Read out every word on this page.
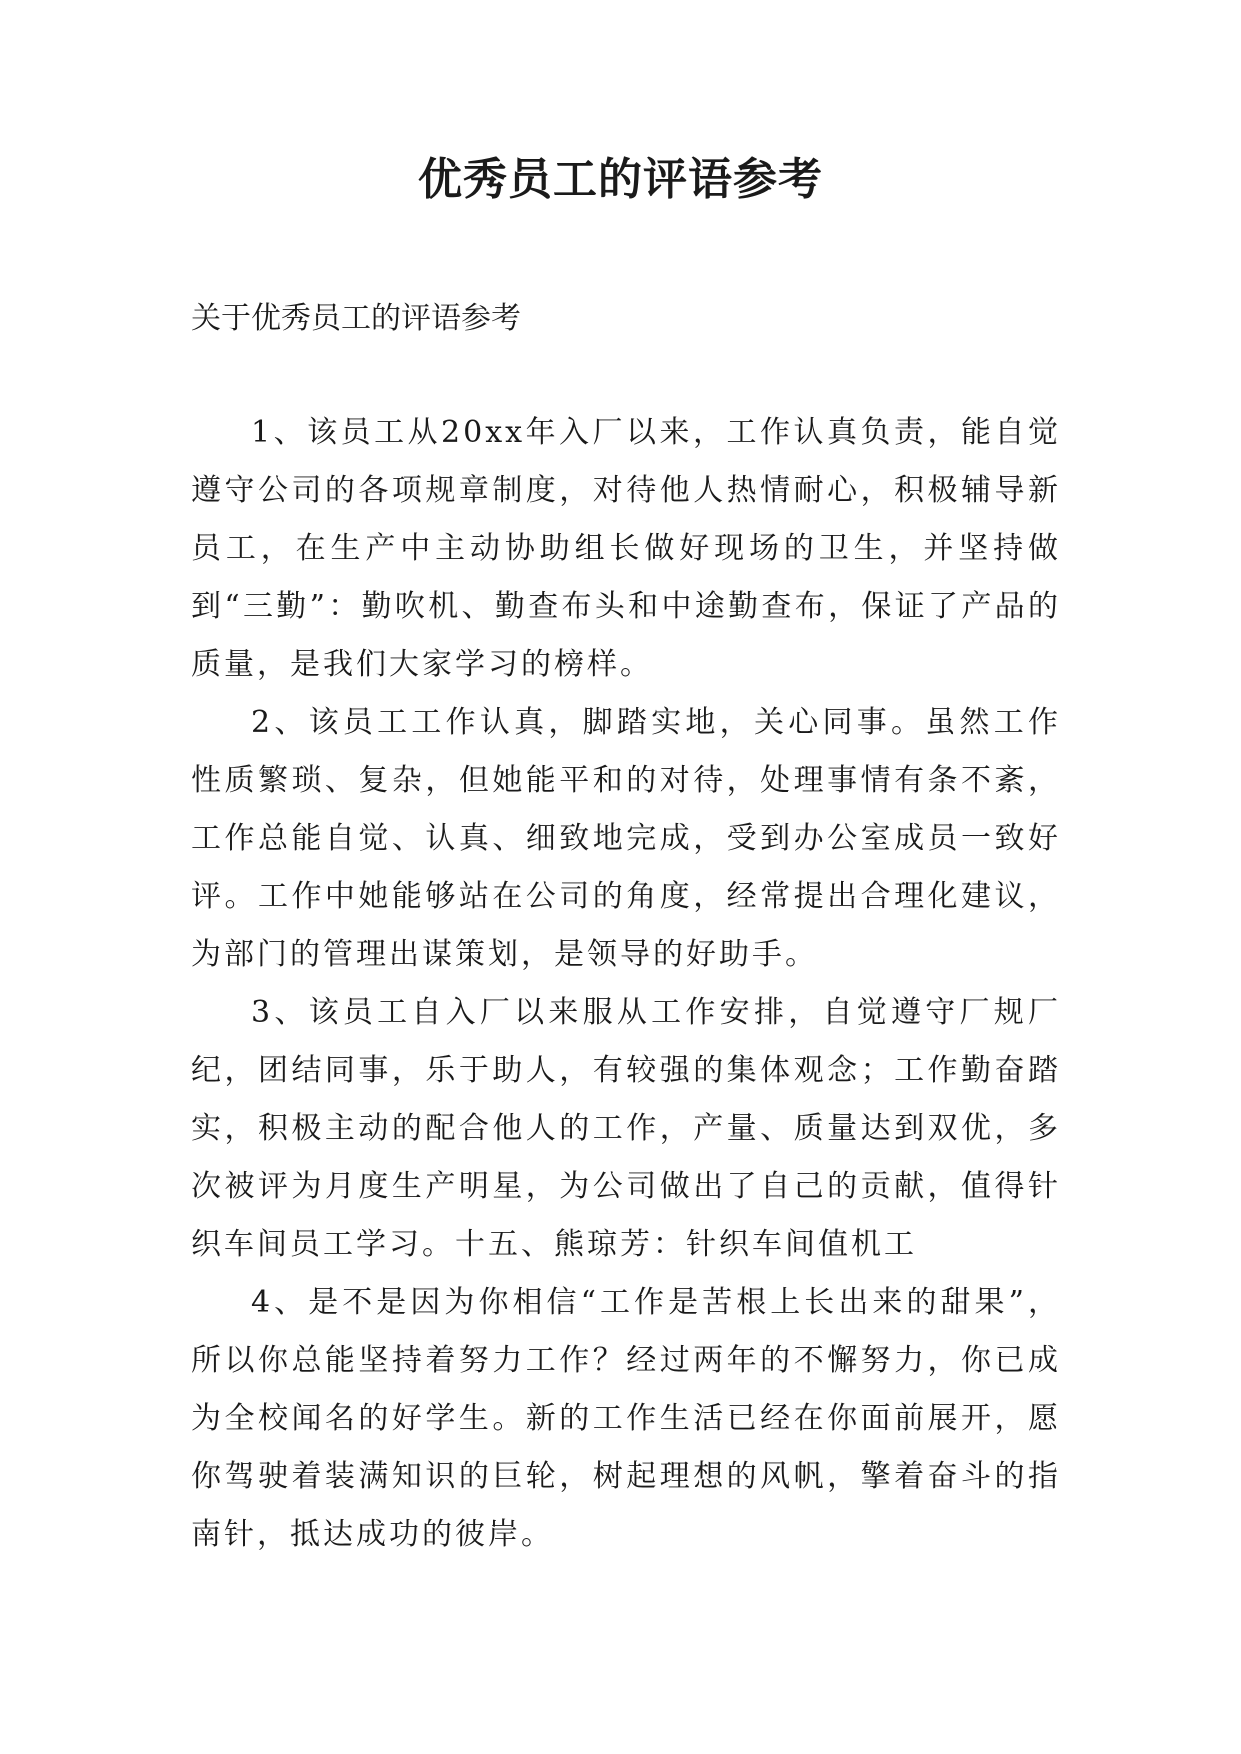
优秀员工的评语参考

关于优秀员工的评语参考

1、该员工从20xx年入厂以来，工作认真负责，能自觉遵守公司的各项规章制度，对待他人热情耐心，积极辅导新员工，在生产中主动协助组长做好现场的卫生，并坚持做到“三勤”：勤吹机、勤查布头和中途勤查布，保证了产品的质量，是我们大家学习的榜样。

2、该员工工作认真，脚踏实地，关心同事。虽然工作性质繁琐、复杂，但她能平和的对待，处理事情有条不紊，工作总能自觉、认真、细致地完成，受到办公室成员一致好评。工作中她能够站在公司的角度，经常提出合理化建议，为部门的管理出谋策划，是领导的好助手。

3、该员工自入厂以来服从工作安排，自觉遵守厂规厂纪，团结同事，乐于助人，有较强的集体观念；工作勤奋踏实，积极主动的配合他人的工作，产量、质量达到双优，多次被评为月度生产明星，为公司做出了自己的贡献，值得针织车间员工学习。十五、熊琼芳：针织车间值机工

4、是不是因为你相信“工作是苦根上长出来的甜果”，所以你总能坚持着努力工作？经过两年的不懈努力，你已成为全校闻名的好学生。新的工作生活已经在你面前展开，愿你驾驶着装满知识的巨轮，树起理想的风帆，擎着奋斗的指南针，抵达成功的彼岸。
